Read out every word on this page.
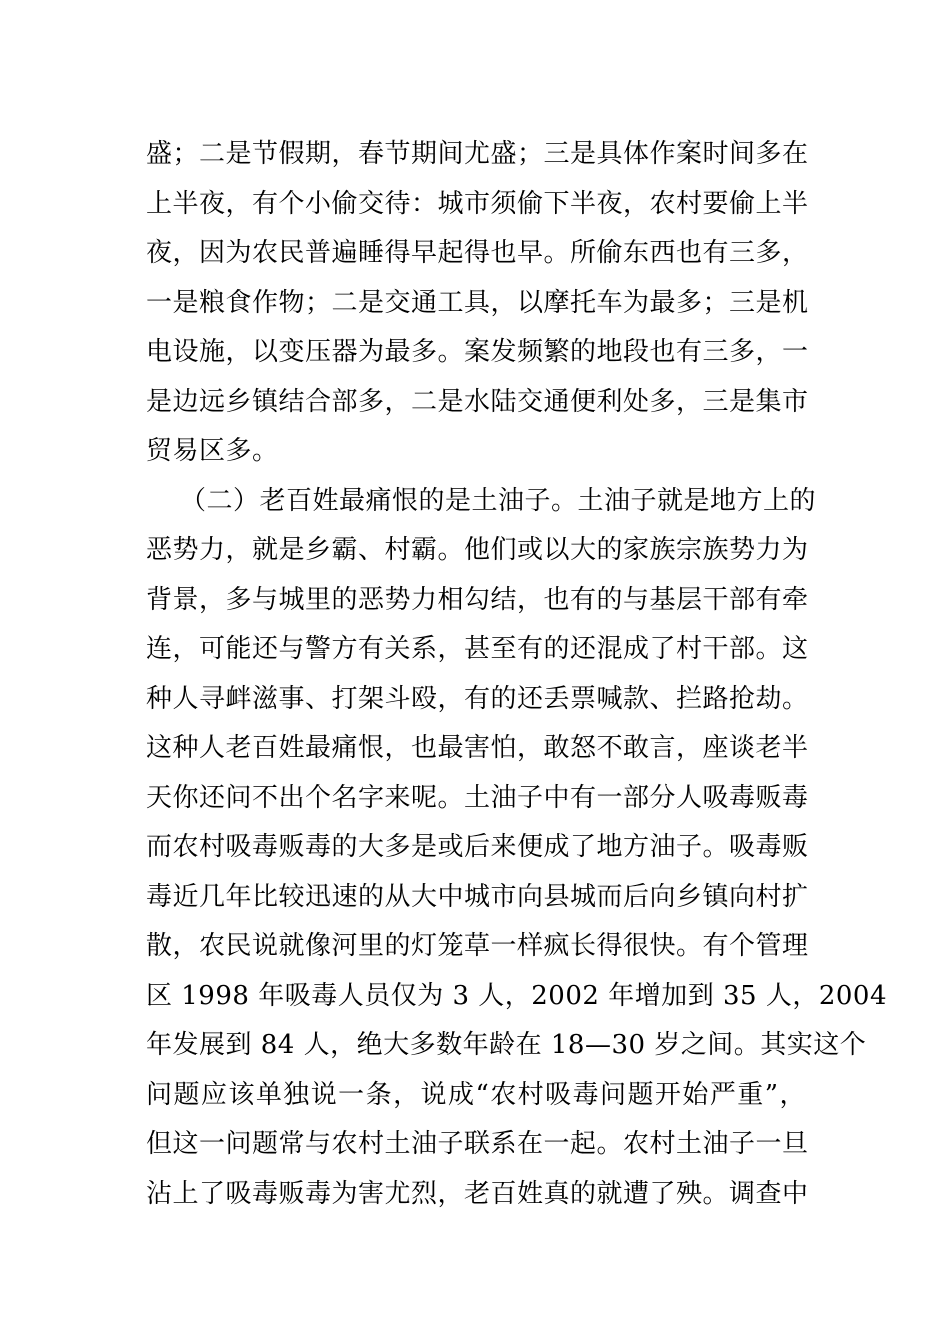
盛；二是节假期，春节期间尤盛；三是具体作案时间多在
上半夜，有个小偷交待：城市须偷下半夜，农村要偷上半
夜，因为农民普遍睡得早起得也早。所偷东西也有三多，
一是粮食作物；二是交通工具，以摩托车为最多；三是机
电设施，以变压器为最多。案发频繁的地段也有三多，一
是边远乡镇结合部多，二是水陆交通便利处多，三是集市
贸易区多。
（二）老百姓最痛恨的是土油子。土油子就是地方上的
恶势力，就是乡霸、村霸。他们或以大的家族宗族势力为
背景，多与城里的恶势力相勾结，也有的与基层干部有牵
连，可能还与警方有关系，甚至有的还混成了村干部。这
种人寻衅滋事、打架斗殴，有的还丢票喊款、拦路抢劫。
这种人老百姓最痛恨，也最害怕，敢怒不敢言，座谈老半
天你还问不出个名字来呢。土油子中有一部分人吸毒贩毒
而农村吸毒贩毒的大多是或后来便成了地方油子。吸毒贩
毒近几年比较迅速的从大中城市向县城而后向乡镇向村扩
散，农民说就像河里的灯笼草一样疯长得很快。有个管理
区 1998 年吸毒人员仅为 3 人，2002 年增加到 35 人，2004
年发展到 84 人，绝大多数年龄在 18—30 岁之间。其实这个
问题应该单独说一条，说成“农村吸毒问题开始严重”，
但这一问题常与农村土油子联系在一起。农村土油子一旦
沾上了吸毒贩毒为害尤烈，老百姓真的就遭了殃。调查中
